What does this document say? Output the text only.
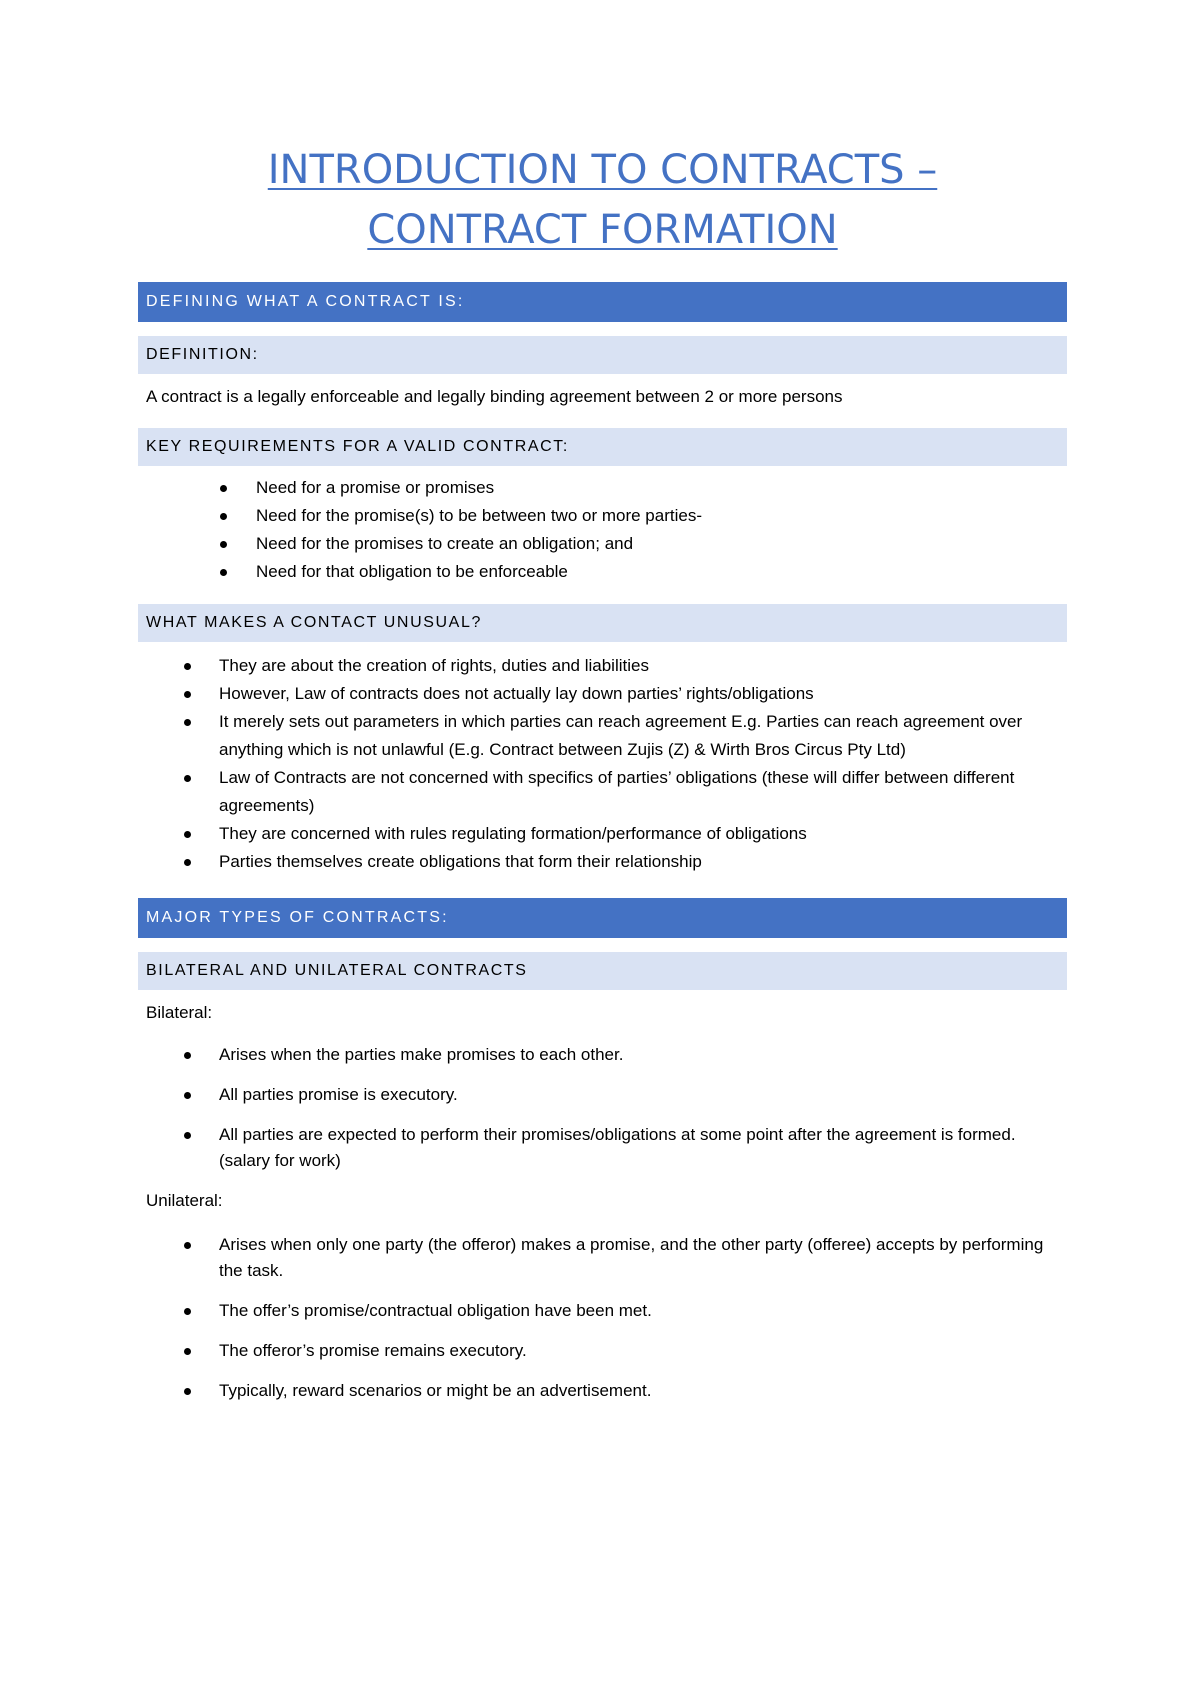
INTRODUCTION TO CONTRACTS –
CONTRACT FORMATION
DEFINING WHAT A CONTRACT IS:
DEFINITION:

A contract is a legally enforceable and legally binding agreement between 2 or more persons

KEY REQUIREMENTS FOR A VALID CONTRACT:
Need for a promise or promises
Need for the promise(s) to be between two or more parties-
Need for the promises to create an obligation; and
Need for that obligation to be enforceable
WHAT MAKES A CONTACT UNUSUAL?
They are about the creation of rights, duties and liabilities
However, Law of contracts does not actually lay down parties’ rights/obligations
It merely sets out parameters in which parties can reach agreement E.g. Parties can reach agreement over anything which is not unlawful (E.g. Contract between Zujis (Z) & Wirth Bros Circus Pty Ltd)
Law of Contracts are not concerned with specifics of parties’ obligations (these will differ between different agreements)
They are concerned with rules regulating formation/performance of obligations
Parties themselves create obligations that form their relationship
MAJOR TYPES OF CONTRACTS:
BILATERAL AND UNILATERAL CONTRACTS

Bilateral:

Arises when the parties make promises to each other.
All parties promise is executory.
All parties are expected to perform their promises/obligations at some point after the agreement is formed. (salary for work)

Unilateral:

Arises when only one party (the offeror) makes a promise, and the other party (offeree) accepts by performing the task.
The offer’s promise/contractual obligation have been met.
The offeror’s promise remains executory.
Typically, reward scenarios or might be an advertisement.
